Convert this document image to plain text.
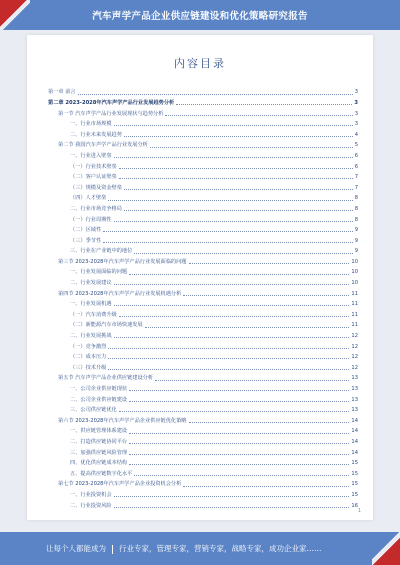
汽车声学产品企业供应链建设和优化策略研究报告
内容目录
第一章 前言	3
第二章 2023-2028年汽车声学产品行业发展趋势分析	3
第一节 汽车声学产品行业发展现状与趋势分析	3
一、行业市场规模	3
二、行业未来发展趋势	4
第二节 我国汽车声学产品行业发展分析	5
一、行业进入壁垒	6
（一）行业技术壁垒	6
（二）客户认证壁垒	7
（三）规模及资金壁垒	7
（四）人才壁垒	8
二、行业市场竞争格局	8
（一）行业周期性	8
（二）区域性	9
（三）季节性	9
三、行业在产业链中的地位	9
第三节 2023-2028年汽车声学产品行业发展面临的问题	10
一、行业发展面临的问题	10
二、行业发展建议	10
第四节 2023-2028年汽车声学产品行业发展机遇分析	11
一、行业发展机遇	11
（一）汽车消费升级	11
（二）新能源汽车市场快速发展	11
二、行业发展挑战	12
（一）竞争激烈	12
（二）成本压力	12
（三）技术升级	12
第五节 汽车声学产品企业供应链建设分析	13
一、公司企业供应链现状	13
二、公司企业供应链建设	13
三、公司供应链优化	13
第六节 2023-2028年汽车声学产品企业供应链优化策略	14
一、供应链管理体系建设	14
二、打造供应链协同平台	14
三、加强供应链风险管理	14
四、优化供应链成本结构	15
五、提高供应链数字化水平	15
第七节 2023-2028年汽车声学产品企业投资机会分析	15
一、行业投资机会	15
二、行业投资风险	16
1
让每个人都能成为 行业专家，管理专家，营销专家，战略专家，成功企业家……
